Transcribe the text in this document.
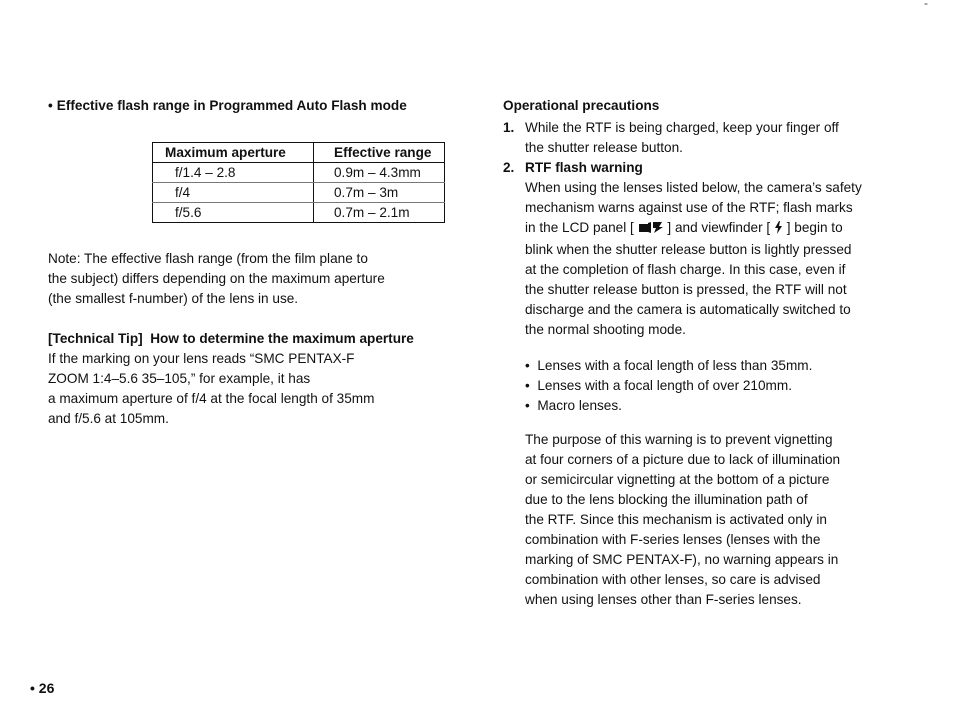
-

• Effective flash range in Programmed Auto Flash mode

Maximum aperture	Effective range
f/1.4 – 2.8	0.9m – 4.3mm
f/4	0.7m – 3m
f/5.6	0.7m – 2.1m
Note: The effective flash range (from the film plane to
the subject) differs depending on the maximum aperture
(the smallest f-number) of the lens in use.
[Technical Tip] How to determine the maximum aperture
If the marking on your lens reads “SMC PENTAX-F
ZOOM 1:4–5.6 35–105,” for example, it has
a maximum aperture of f/4 at the focal length of 35mm
and f/5.6 at 105mm.
• 26

Operational precautions

1. While the RTF is being charged, keep your finger off
the shutter release button.
2. RTF flash warning
When using the lenses listed below, the camera’s safety
mechanism warns against use of the RTF; flash marks
in the LCD panel [ ] and viewfinder [ ] begin to
blink when the shutter release button is lightly pressed
at the completion of flash charge. In this case, even if
the shutter release button is pressed, the RTF will not
discharge and the camera is automatically switched to
the normal shooting mode.
•  Lenses with a focal length of less than 35mm.
•  Lenses with a focal length of over 210mm.
•  Macro lenses.
The purpose of this warning is to prevent vignetting
at four corners of a picture due to lack of illumination
or semicircular vignetting at the bottom of a picture
due to the lens blocking the illumination path of
the RTF. Since this mechanism is activated only in
combination with F-series lenses (lenses with the
marking of SMC PENTAX-F), no warning appears in
combination with other lenses, so care is advised
when using lenses other than F-series lenses.
